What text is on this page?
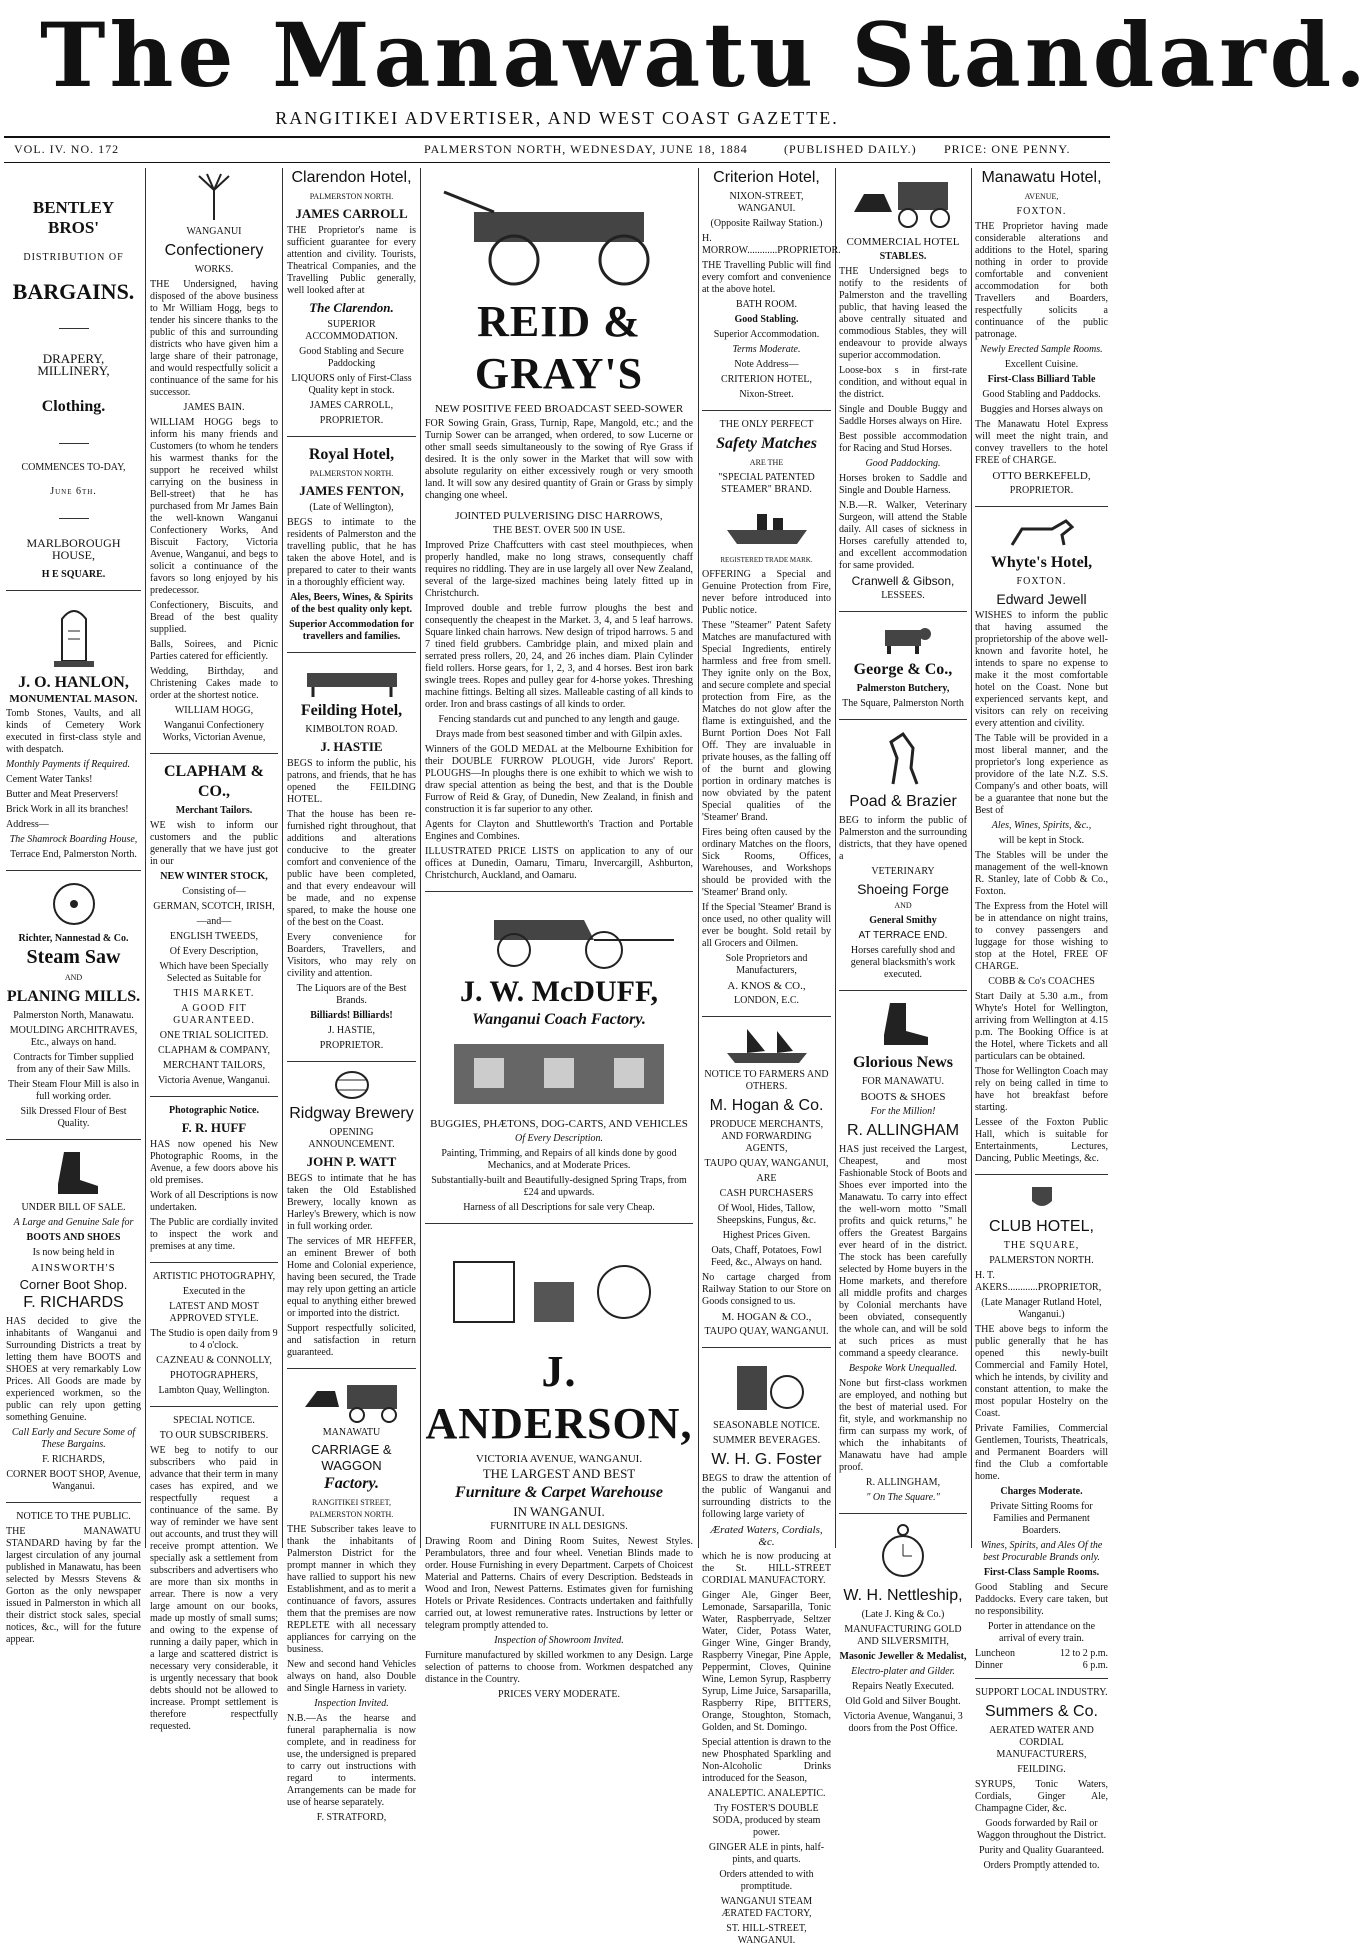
The Manawatu Standard.
RANGITIKEI ADVERTISER, AND WEST COAST GAZETTE.
VOL. IV. NO. 172	PALMERSTON NORTH, WEDNESDAY, JUNE 18, 1884	(PUBLISHED DAILY.) PRICE: ONE PENNY.
BENTLEY BROS'

DISTRIBUTION OF

BARGAINS.
DRAPERY, MILLINERY,
Clothing.

COMMENCES TO-DAY,

June 6th.

MARLBOROUGH HOUSE,

H E SQUARE.

J. O. HANLON,
MONUMENTAL MASON.

Tomb Stones, Vaults, and all kinds of Cemetery Work executed in first-class style and with despatch.

Monthly Payments if Required.

Cement Water Tanks!

Butter and Meat Preservers!

Brick Work in all its branches!

Address—

The Shamrock Boarding House,

Terrace End, Palmerston North.

Richter, Nannestad & Co.
Steam Saw

AND

PLANING MILLS.

Palmerston North, Manawatu.

MOULDING ARCHITRAVES, Etc., always on hand.

Contracts for Timber supplied from any of their Saw Mills.

Their Steam Flour Mill is also in full working order.

Silk Dressed Flour of Best Quality.

UNDER BILL OF SALE.

A Large and Genuine Sale for

BOOTS AND SHOES

Is now being held in

AINSWORTH'S

Corner Boot Shop.
F. RICHARDS

HAS decided to give the inhabitants of Wanganui and Surrounding Districts a treat by letting them have BOOTS and SHOES at very remarkably Low Prices. All Goods are made by experienced workmen, so the public can rely upon getting something Genuine.

Call Early and Secure Some of These Bargains.

F. RICHARDS,

CORNER BOOT SHOP, Avenue, Wanganui.

NOTICE TO THE PUBLIC.

THE MANAWATU STANDARD having by far the largest circulation of any journal published in Manawatu, has been selected by Messrs Stevens & Gorton as the only newspaper issued in Palmerston in which all their district stock sales, special notices, &c., will for the future appear.

WANGANUI

Confectionery

WORKS.

THE Undersigned, having disposed of the above business to Mr William Hogg, begs to tender his sincere thanks to the public of this and surrounding districts who have given him a large share of their patronage, and would respectfully solicit a continuance of the same for his successor.

JAMES BAIN.

WILLIAM HOGG begs to inform his many friends and Customers (to whom he tenders his warmest thanks for the support he received whilst carrying on the business in Bell-street) that he has purchased from Mr James Bain the well-known Wanganui Confectionery Works, And Biscuit Factory, Victoria Avenue, Wanganui, and begs to solicit a continuance of the favors so long enjoyed by his predecessor.

Confectionery, Biscuits, and Bread of the best quality supplied.

Balls, Soirees, and Picnic Parties catered for efficiently.

Wedding, Birthday, and Christening Cakes made to order at the shortest notice.

WILLIAM HOGG,

Wanganui Confectionery Works, Victorian Avenue,

CLAPHAM & CO.,

Merchant Tailors.

WE wish to inform our customers and the public generally that we have just got in our

NEW WINTER STOCK,

Consisting of—

GERMAN, SCOTCH, IRISH,

—and—

ENGLISH TWEEDS,

Of Every Description,

Which have been Specially Selected as Suitable for

THIS MARKET.

A GOOD FIT GUARANTEED.

ONE TRIAL SOLICITED.

CLAPHAM & COMPANY,

MERCHANT TAILORS,

Victoria Avenue, Wanganui.

Photographic Notice.

F. R. HUFF

HAS now opened his New Photographic Rooms, in the Avenue, a few doors above his old premises.

Work of all Descriptions is now undertaken.

The Public are cordially invited to inspect the work and premises at any time.

ARTISTIC PHOTOGRAPHY,

Executed in the

LATEST AND MOST APPROVED STYLE.

The Studio is open daily from 9 to 4 o'clock.

CAZNEAU & CONNOLLY,

PHOTOGRAPHERS,

Lambton Quay, Wellington.

SPECIAL NOTICE.

TO OUR SUBSCRIBERS.

WE beg to notify to our subscribers who paid in advance that their term in many cases has expired, and we respectfully request a continuance of the same. By way of reminder we have sent out accounts, and trust they will receive prompt attention. We specially ask a settlement from subscribers and advertisers who are more than six months in arrear. There is now a very large amount on our books, made up mostly of small sums; and owing to the expense of running a daily paper, which in a large and scattered district is necessary very considerable, it is urgently necessary that book debts should not be allowed to increase. Prompt settlement is therefore respectfully requested.

Clarendon Hotel,

PALMERSTON NORTH.

JAMES CARROLL

THE Proprietor's name is sufficient guarantee for every attention and civility. Tourists, Theatrical Companies, and the Travelling Public generally, well looked after at

The Clarendon.

SUPERIOR ACCOMMODATION.

Good Stabling and Secure Paddocking

LIQUORS only of First-Class Quality kept in stock.

JAMES CARROLL,

PROPRIETOR.

Royal Hotel,

PALMERSTON NORTH.

JAMES FENTON,

(Late of Wellington),

BEGS to intimate to the residents of Palmerston and the travelling public, that he has taken the above Hotel, and is prepared to cater to their wants in a thoroughly efficient way.

Ales, Beers, Wines, & Spirits of the best quality only kept.

Superior Accommodation for travellers and families.

Feilding Hotel,

KIMBOLTON ROAD.

J. HASTIE

BEGS to inform the public, his patrons, and friends, that he has opened the FEILDING HOTEL.

That the house has been re-furnished right throughout, that additions and alterations conducive to the greater comfort and convenience of the public have been completed, and that every endeavour will be made, and no expense spared, to make the house one of the best on the Coast.

Every convenience for Boarders, Travellers, and Visitors, who may rely on civility and attention.

The Liquors are of the Best Brands.

Billiards! Billiards!

J. HASTIE,

PROPRIETOR.

Ridgway Brewery

OPENING ANNOUNCEMENT.

JOHN P. WATT

BEGS to intimate that he has taken the Old Established Brewery, locally known as Harley's Brewery, which is now in full working order.

The services of MR HEFFER, an eminent Brewer of both Home and Colonial experience, having been secured, the Trade may rely upon getting an article equal to anything either brewed or imported into the district.

Support respectfully solicited, and satisfaction in return guaranteed.

MANAWATU

CARRIAGE & WAGGON
Factory.

RANGITIKEI STREET, PALMERSTON NORTH.

THE Subscriber takes leave to thank the inhabitants of Palmerston District for the prompt manner in which they have rallied to support his new Establishment, and as to merit a continuance of favors, assures them that the premises are now REPLETE with all necessary appliances for carrying on the business.

New and second hand Vehicles always on hand, also Double and Single Harness in variety.

Inspection Invited.

N.B.—As the hearse and funeral paraphernalia is now complete, and in readiness for use, the undersigned is prepared to carry out instructions with regard to interments. Arrangements can be made for use of hearse separately.

F. STRATFORD,

REID & GRAY'S

NEW POSITIVE FEED BROADCAST SEED-SOWER

FOR Sowing Grain, Grass, Turnip, Rape, Mangold, etc.; and the Turnip Sower can be arranged, when ordered, to sow Lucerne or other small seeds simultaneously to the sowing of Rye Grass if desired. It is the only sower in the Market that will sow with absolute regularity on either excessively rough or very smooth land. It will sow any desired quantity of Grain or Grass by simply changing one wheel.

JOINTED PULVERISING DISC HARROWS,

THE BEST. OVER 500 IN USE.

Improved Prize Chaffcutters with cast steel mouthpieces, when properly handled, make no long straws, consequently chaff requires no riddling. They are in use largely all over New Zealand, several of the large-sized machines being lately fitted up in Christchurch.

Improved double and treble furrow ploughs the best and consequently the cheapest in the Market. 3, 4, and 5 leaf harrows. Square linked chain harrows. New design of tripod harrows. 5 and 7 tined field grubbers. Cambridge plain, and mixed plain and serrated press rollers, 20, 24, and 26 inches diam. Plain Cylinder field rollers. Horse gears, for 1, 2, 3, and 4 horses. Best iron bark swingle trees. Ropes and pulley gear for 4-horse yokes. Threshing machine fittings. Belting all sizes. Malleable casting of all kinds to order. Iron and brass castings of all kinds to order.

Fencing standards cut and punched to any length and gauge.

Drays made from best seasoned timber and with Gilpin axles.

Winners of the GOLD MEDAL at the Melbourne Exhibition for their DOUBLE FURROW PLOUGH, vide Jurors' Report. PLOUGHS—In ploughs there is one exhibit to which we wish to draw special attention as being the best, and that is the Double Furrow of Reid & Gray, of Dunedin, New Zealand, in finish and construction it is far superior to any other.

Agents for Clayton and Shuttleworth's Traction and Portable Engines and Combines.

ILLUSTRATED PRICE LISTS on application to any of our offices at Dunedin, Oamaru, Timaru, Invercargill, Ashburton, Christchurch, Auckland, and Oamaru.

J. W. McDUFF,
Wanganui Coach Factory.

BUGGIES, PHÆTONS, DOG-CARTS, AND VEHICLES

Of Every Description.

Painting, Trimming, and Repairs of all kinds done by good Mechanics, and at Moderate Prices.

Substantially-built and Beautifully-designed Spring Traps, from £24 and upwards.

Harness of all Descriptions for sale very Cheap.

J. ANDERSON,

VICTORIA AVENUE, WANGANUI.

THE LARGEST AND BEST

Furniture & Carpet Warehouse

IN WANGANUI.

FURNITURE IN ALL DESIGNS.

Drawing Room and Dining Room Suites, Newest Styles. Perambulators, three and four wheel. Venetian Blinds made to order. House Furnishing in every Department. Carpets of Choicest Material and Patterns. Chairs of every Description. Bedsteads in Wood and Iron, Newest Patterns. Estimates given for furnishing Hotels or Private Residences. Contracts undertaken and faithfully carried out, at lowest remunerative rates. Instructions by letter or telegram promptly attended to.

Inspection of Showroom Invited.

Furniture manufactured by skilled workmen to any Design. Large selection of patterns to choose from. Workmen despatched any distance in the Country.

PRICES VERY MODERATE.

Criterion Hotel,

NIXON-STREET, WANGANUI.

(Opposite Railway Station.)

H. MORROW............PROPRIETOR.

THE Travelling Public will find every comfort and convenience at the above hotel.

BATH ROOM.

Good Stabling.

Superior Accommodation.

Terms Moderate.

Note Address—

CRITERION HOTEL,

Nixon-Street.

THE ONLY PERFECT

Safety Matches

ARE THE

"SPECIAL PATENTED STEAMER" BRAND.

REGISTERED TRADE MARK.

OFFERING a Special and Genuine Protection from Fire, never before introduced into Public notice.

These "Steamer" Patent Safety Matches are manufactured with Special Ingredients, entirely harmless and free from smell. They ignite only on the Box, and secure complete and special protection from Fire, as the Matches do not glow after the flame is extinguished, and the Burnt Portion Does Not Fall Off. They are invaluable in private houses, as the falling off of the burnt and glowing portion in ordinary matches is now obviated by the patent Special qualities of the 'Steamer' Brand.

Fires being often caused by the ordinary Matches on the floors, Sick Rooms, Offices, Warehouses, and Workshops should be provided with the 'Steamer' Brand only.

If the Special 'Steamer' Brand is once used, no other quality will ever be bought. Sold retail by all Grocers and Oilmen.

Sole Proprietors and Manufacturers,

A. KNOS & CO.,

LONDON, E.C.

NOTICE TO FARMERS AND OTHERS.

M. Hogan & Co.

PRODUCE MERCHANTS, AND FORWARDING AGENTS,

TAUPO QUAY, WANGANUI,

ARE

CASH PURCHASERS

Of Wool, Hides, Tallow, Sheepskins, Fungus, &c.

Highest Prices Given.

Oats, Chaff, Potatoes, Fowl Feed, &c., Always on hand.

No cartage charged from Railway Station to our Store on Goods consigned to us.

M. HOGAN & CO.,

TAUPO QUAY, WANGANUI.

SEASONABLE NOTICE.

SUMMER BEVERAGES.

W. H. G. Foster

BEGS to draw the attention of the public of Wanganui and surrounding districts to the following large variety of

Ærated Waters, Cordials, &c.

which he is now producing at the St. HILL-STREET CORDIAL MANUFACTORY.

Ginger Ale, Ginger Beer, Lemonade, Sarsaparilla, Tonic Water, Raspberryade, Seltzer Water, Cider, Potass Water, Ginger Wine, Ginger Brandy, Raspberry Vinegar, Pine Apple, Peppermint, Cloves, Quinine Wine, Lemon Syrup, Raspberry Syrup, Lime Juice, Sarsaparilla, Raspberry Ripe, BITTERS, Orange, Stoughton, Stomach, Golden, and St. Domingo.

Special attention is drawn to the new Phosphated Sparkling and Non-Alcoholic Drinks introduced for the Season,

ANALEPTIC. ANALEPTIC.

Try FOSTER'S DOUBLE SODA, produced by steam power.

GINGER ALE in pints, half-pints, and quarts.

Orders attended to with promptitude.

WANGANUI STEAM ÆRATED FACTORY,

ST. HILL-STREET, WANGANUI.

COMMERCIAL HOTEL

STABLES.

THE Undersigned begs to notify to the residents of Palmerston and the travelling public, that having leased the above centrally situated and commodious Stables, they will endeavour to provide always superior accommodation.

Loose-box s in first-rate condition, and without equal in the district.

Single and Double Buggy and Saddle Horses always on Hire.

Best possible accommodation for Racing and Stud Horses.

Good Paddocking.

Horses broken to Saddle and Single and Double Harness.

N.B.—R. Walker, Veterinary Surgeon, will attend the Stable daily. All cases of sickness in Horses carefully attended to, and excellent accommodation for same provided.

Cranwell & Gibson,

LESSEES.

George & Co.,

Palmerston Butchery,

The Square, Palmerston North

Poad & Brazier

BEG to inform the public of Palmerston and the surrounding districts, that they have opened a

VETERINARY

Shoeing Forge

AND

General Smithy

AT TERRACE END.

Horses carefully shod and general blacksmith's work executed.

Glorious News

FOR MANAWATU.

BOOTS & SHOES

For the Million!

R. ALLINGHAM

HAS just received the Largest, Cheapest, and most Fashionable Stock of Boots and Shoes ever imported into the Manawatu. To carry into effect the well-worn motto "Small profits and quick returns," he offers the Greatest Bargains ever heard of in the district. The stock has been carefully selected by Home buyers in the Home markets, and therefore all middle profits and charges by Colonial merchants have been obviated, consequently the whole can, and will be sold at such prices as must command a speedy clearance.

Bespoke Work Unequalled.

None but first-class workmen are employed, and nothing but the best of material used. For fit, style, and workmanship no firm can surpass my work, of which the inhabitants of Manawatu have had ample proof.

R. ALLINGHAM,

" On The Square."

W. H. Nettleship,

(Late J. King & Co.)

MANUFACTURING GOLD AND SILVERSMITH,

Masonic Jeweller & Medalist,

Electro-plater and Gilder.

Repairs Neatly Executed.

Old Gold and Silver Bought.

Victoria Avenue, Wanganui, 3 doors from the Post Office.

Manawatu Hotel,

AVENUE,

FOXTON.

THE Proprietor having made considerable alterations and additions to the Hotel, sparing nothing in order to provide comfortable and convenient accommodation for both Travellers and Boarders, respectfully solicits a continuance of the public patronage.

Newly Erected Sample Rooms.

Excellent Cuisine.

First-Class Billiard Table

Good Stabling and Paddocks.

Buggies and Horses always on

The Manawatu Hotel Express will meet the night train, and convey travellers to the hotel FREE of CHARGE.

OTTO BERKEFELD,

PROPRIETOR.

Whyte's Hotel,

FOXTON.

Edward Jewell

WISHES to inform the public that having assumed the proprietorship of the above well-known and favorite hotel, he intends to spare no expense to make it the most comfortable hotel on the Coast. None but experienced servants kept, and visitors can rely on receiving every attention and civility.

The Table will be provided in a most liberal manner, and the proprietor's long experience as providore of the late N.Z. S.S. Company's and other boats, will be a guarantee that none but the Best of

Ales, Wines, Spirits, &c.,

will be kept in Stock.

The Stables will be under the management of the well-known R. Stanley, late of Cobb & Co., Foxton.

The Express from the Hotel will be in attendance on night trains, to convey passengers and luggage for those wishing to stop at the Hotel, FREE OF CHARGE.

COBB & Co's COACHES

Start Daily at 5.30 a.m., from Whyte's Hotel for Wellington, arriving from Wellington at 4.15 p.m. The Booking Office is at the Hotel, where Tickets and all particulars can be obtained.

Those for Wellington Coach may rely on being called in time to have hot breakfast before starting.

Lessee of the Foxton Public Hall, which is suitable for Entertainments, Lectures, Dancing, Public Meetings, &c.

CLUB HOTEL,

THE SQUARE,

PALMERSTON NORTH.

H. T. AKERS............PROPRIETOR,

(Late Manager Rutland Hotel, Wanganui.)

THE above begs to inform the public generally that he has opened this newly-built Commercial and Family Hotel, which he intends, by civility and constant attention, to make the most popular Hostelry on the Coast.

Private Families, Commercial Gentlemen, Tourists, Theatricals, and Permanent Boarders will find the Club a comfortable home.

Charges Moderate.

Private Sitting Rooms for Families and Permanent Boarders.

Wines, Spirits, and Ales Of the best Procurable Brands only.

First-Class Sample Rooms.

Good Stabling and Secure Paddocks. Every care taken, but no responsibility.

Porter in attendance on the arrival of every train.

Luncheon	12 to 2 p.m.
Dinner	6 p.m.

SUPPORT LOCAL INDUSTRY.

Summers & Co.

AERATED WATER AND CORDIAL MANUFACTURERS,

FEILDING.

SYRUPS, Tonic Waters, Cordials, Ginger Ale, Champagne Cider, &c.

Goods forwarded by Rail or Waggon throughout the District.

Purity and Quality Guaranteed.

Orders Promptly attended to.
